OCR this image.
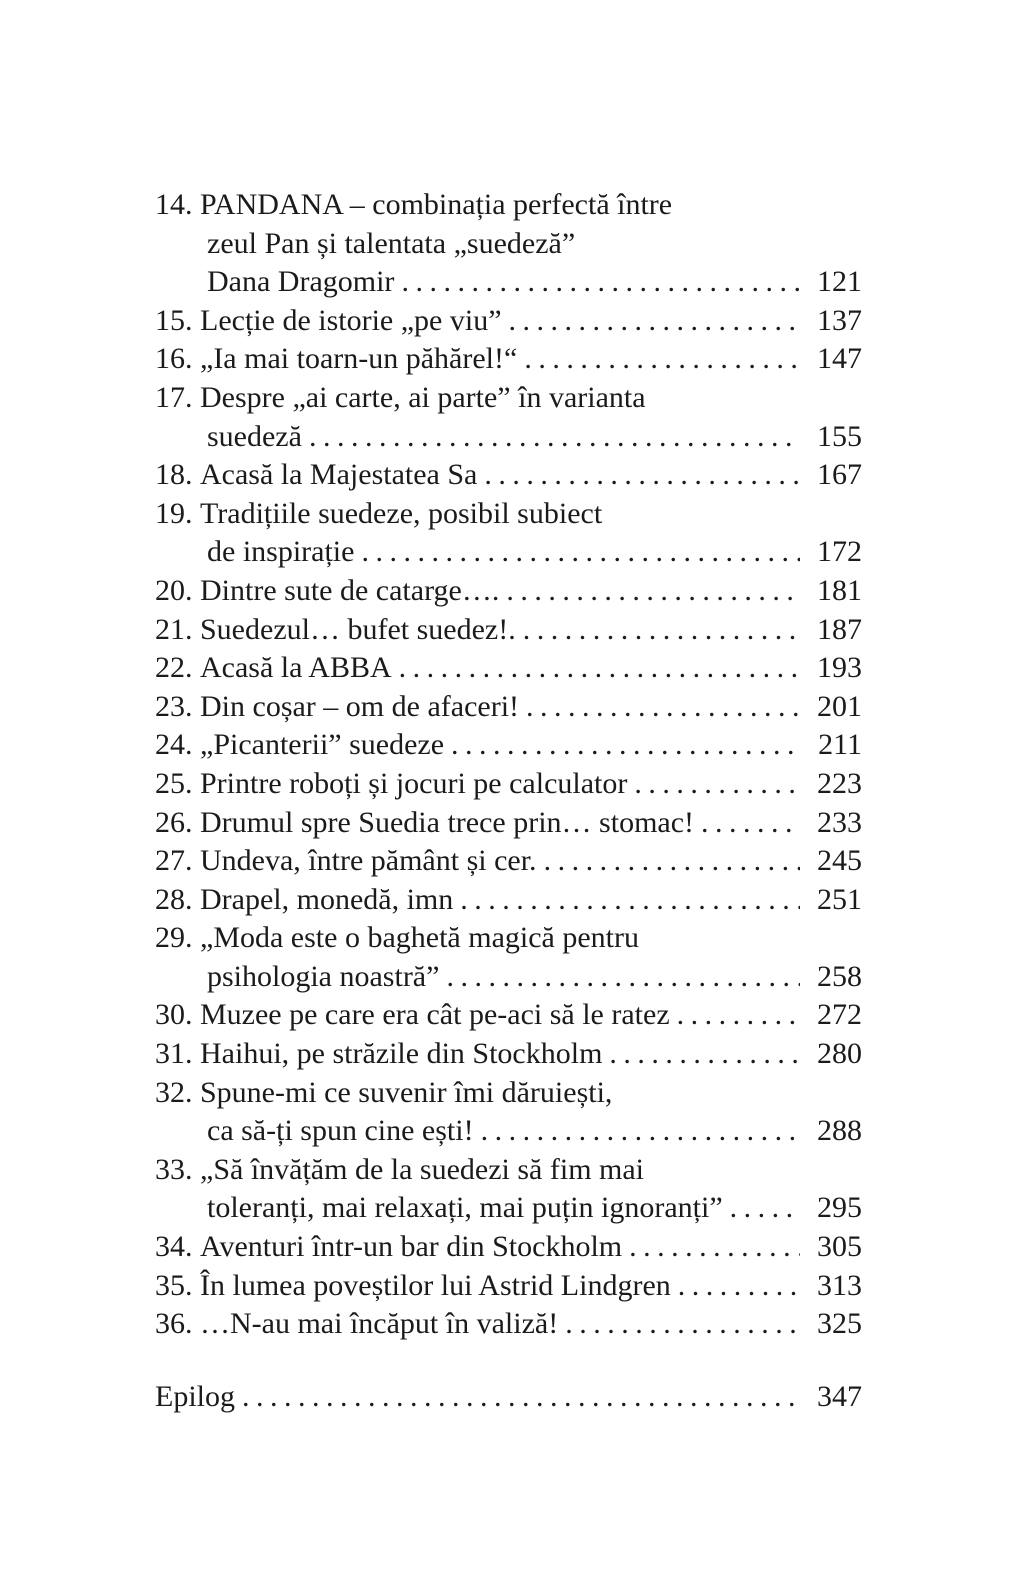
14. PANDANA – combinația perfectă între
zeul Pan și talentata „suedeză”
Dana Dragomir . . .	121
15. Lecție de istorie „pe viu” . . .	137
16. „Ia mai toarn-un păhărel!“ . . .	147
17. Despre „ai carte, ai parte” în varianta
suedeză . . .	155
18. Acasă la Majestatea Sa . . .	167
19. Tradițiile suedeze, posibil subiect
de inspirație . . .	172
20. Dintre sute de catarge…. . . .	181
21. Suedezul… bufet suedez!. . . .	187
22. Acasă la ABBA . . .	193
23. Din coșar – om de afaceri! . . .	201
24. „Picanterii” suedeze . . .	211
25. Printre roboți și jocuri pe calculator . . .	223
26. Drumul spre Suedia trece prin… stomac! . . .	233
27. Undeva, între pământ și cer. . . .	245
28. Drapel, monedă, imn . . .	251
29. „Moda este o baghetă magică pentru
psihologia noastră” . . .	258
30. Muzee pe care era cât pe-aci să le ratez . . .	272
31. Haihui, pe străzile din Stockholm . . .	280
32. Spune-mi ce suvenir îmi dăruiești,
ca să-ți spun cine ești! . . .	288
33. „Să învățăm de la suedezi să fim mai
toleranți, mai relaxați, mai puțin ignoranți” . . .	295
34. Aventuri într-un bar din Stockholm . . .	305
35. În lumea poveștilor lui Astrid Lindgren . . .	313
36. …N-au mai încăput în valiză! . . .	325
Epilog . . .	347
